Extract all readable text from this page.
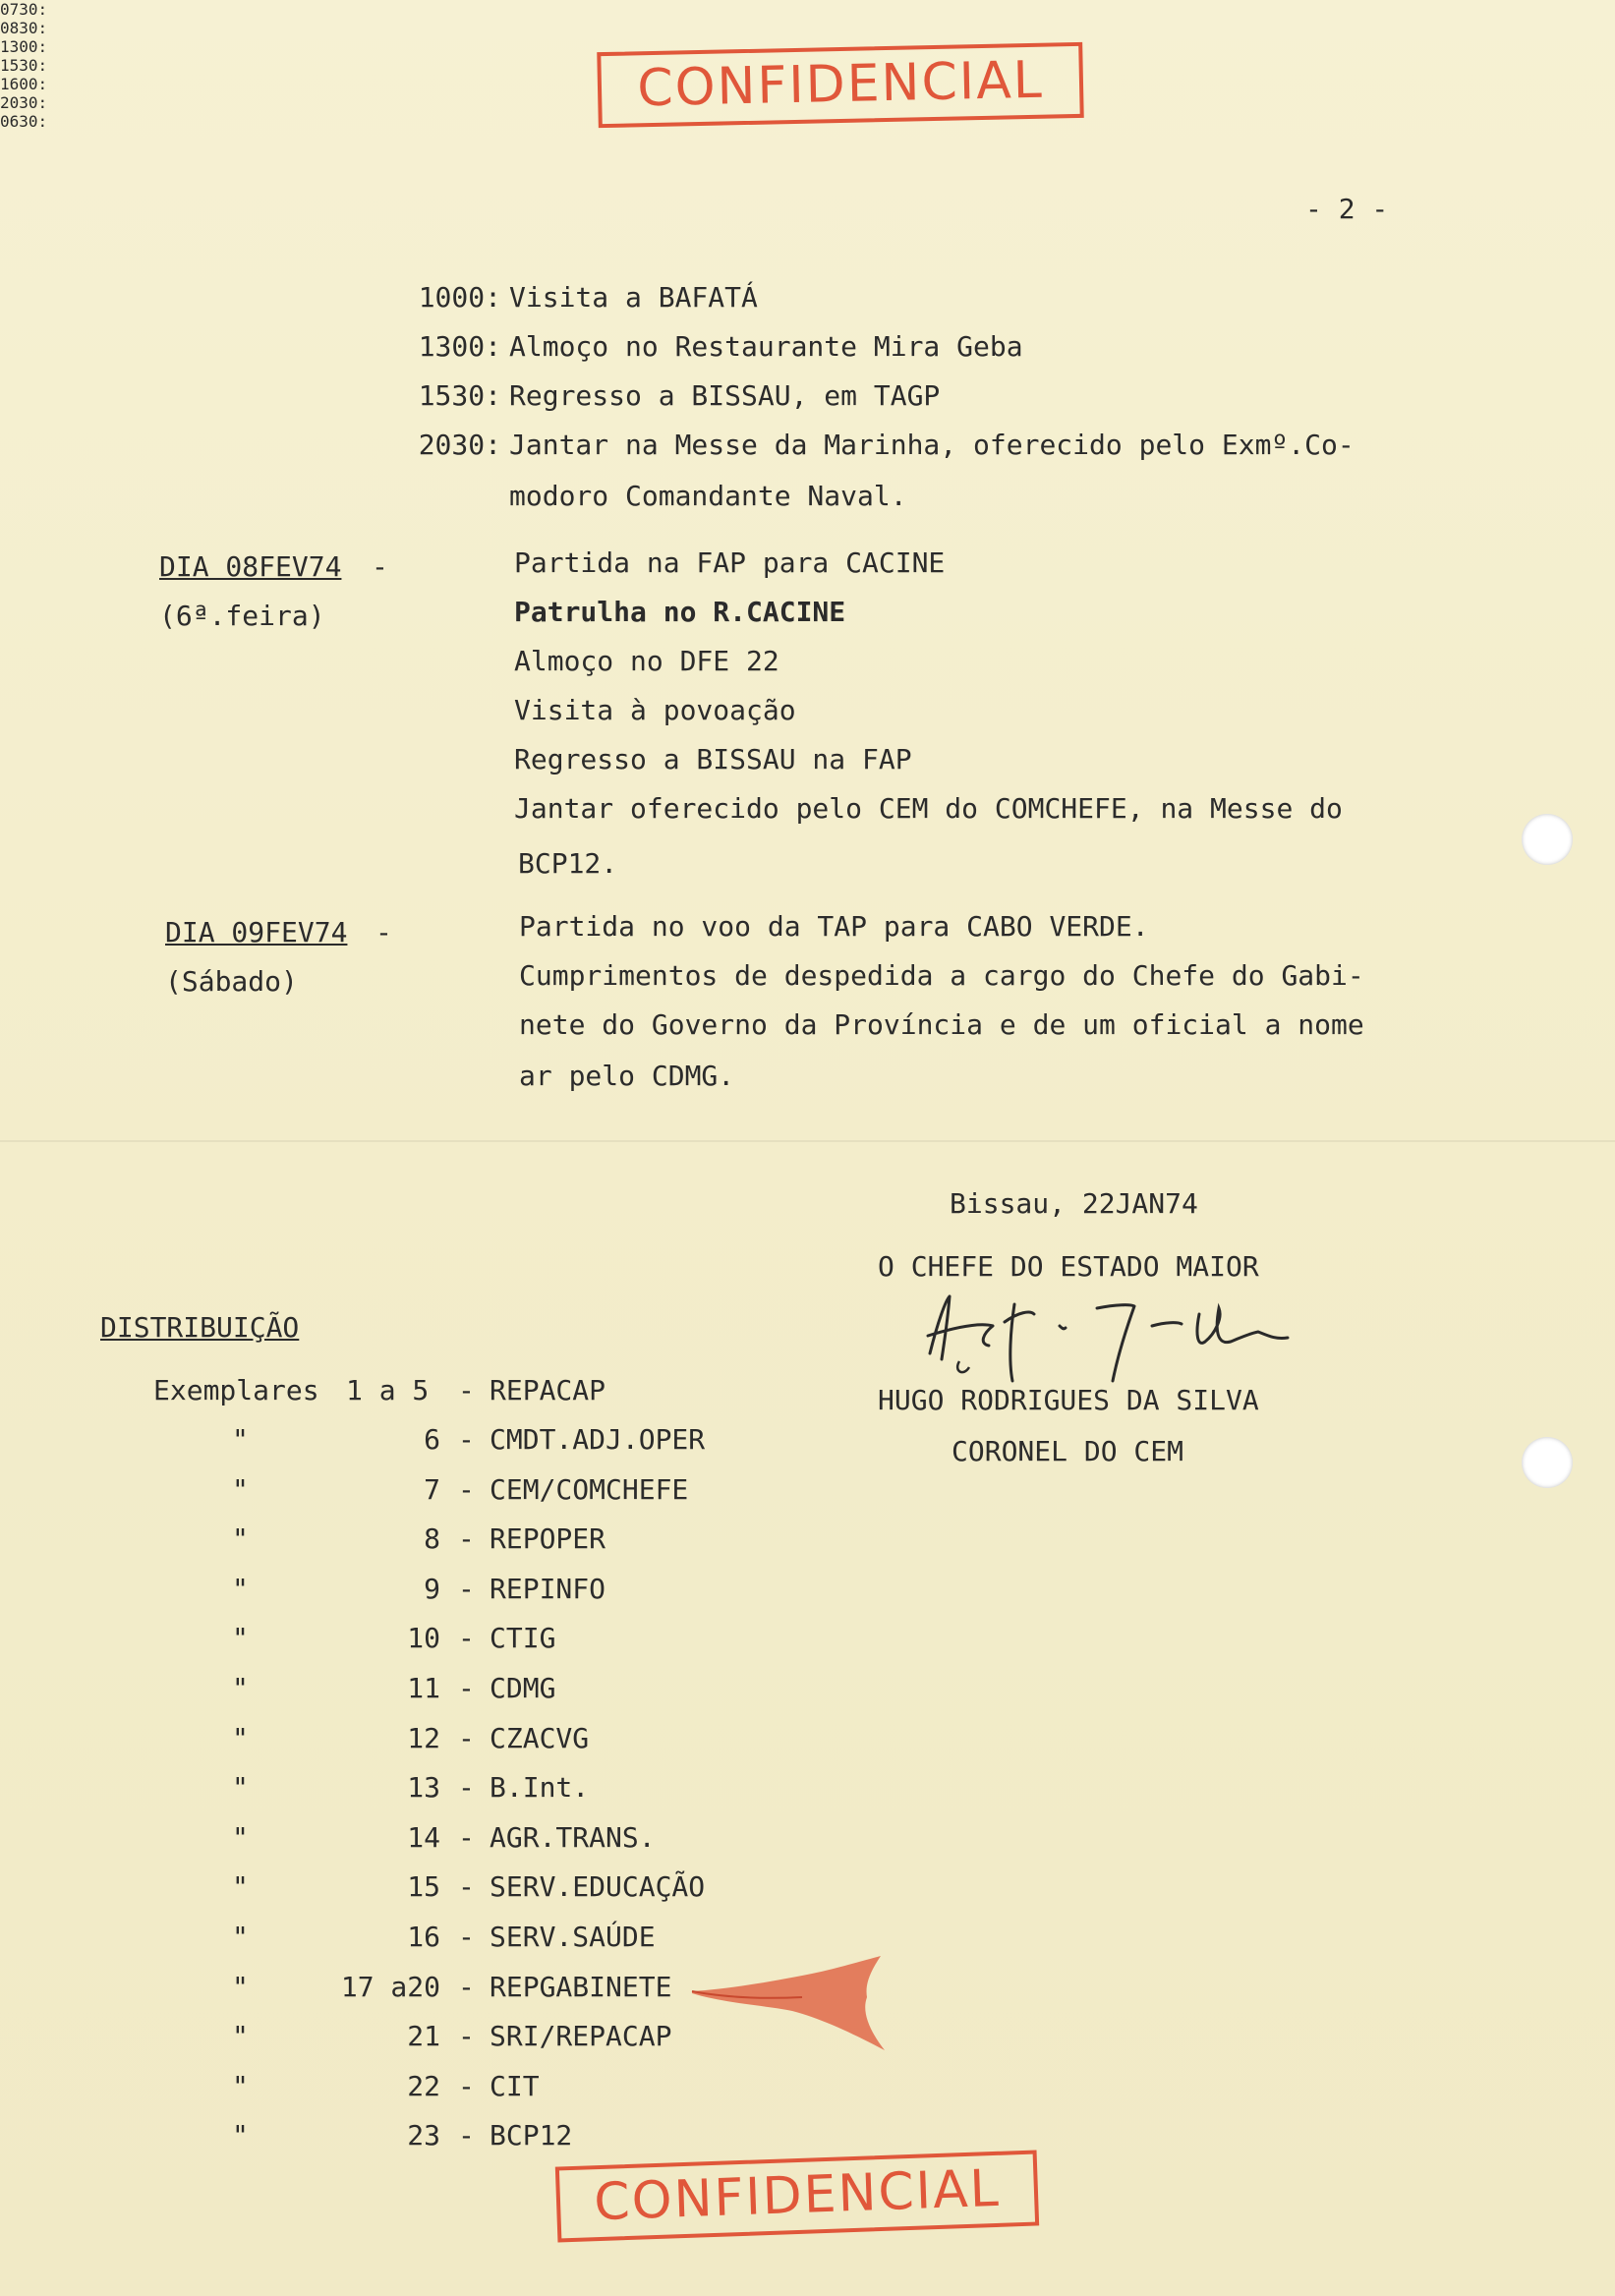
CONFIDENCIAL
- 2 -
1000: Visita a BAFATÁ
1300: Almoço no Restaurante Mira Geba
1530: Regresso a BISSAU, em TAGP
2030: Jantar na Messe da Marinha, oferecido pelo Exmº.Co-
modoro Comandante Naval.
DIA 08FEV74 -
(6ª.feira)
0730:
Partida na FAP para CACINE
0830:
Patrulha no R.CACINE
1300:
Almoço no DFE 22
1530:
Visita à povoação
1600:
Regresso a BISSAU na FAP
2030:
Jantar oferecido pelo CEM do COMCHEFE, na Messe do
BCP12.
DIA 09FEV74 -
(Sábado)
0630:
Partida no voo da TAP para CABO VERDE.
Cumprimentos de despedida a cargo do Chefe do Gabi-
nete do Governo da Província e de um oficial a nome
ar pelo CDMG.
Bissau, 22JAN74
O CHEFE DO ESTADO MAIOR
HUGO RODRIGUES DA SILVA
CORONEL DO CEM
DISTRIBUIÇÃO
Exemplares 1 a 5 - REPACAP
"	6 - CMDT.ADJ.OPER
"	7 - CEM/COMCHEFE
"	8 - REPOPER
"	9 - REPINFO
"	10 - CTIG
"	11 - CDMG
"	12 - CZACVG
"	13 - B.Int.
"	14 - AGR.TRANS.
"	15 - SERV.EDUCAÇÃO
"	16 - SERV.SAÚDE
"	17 a20 - REPGABINETE
"	21 - SRI/REPACAP
"	22 - CIT
"	23 - BCP12
CONFIDENCIAL
